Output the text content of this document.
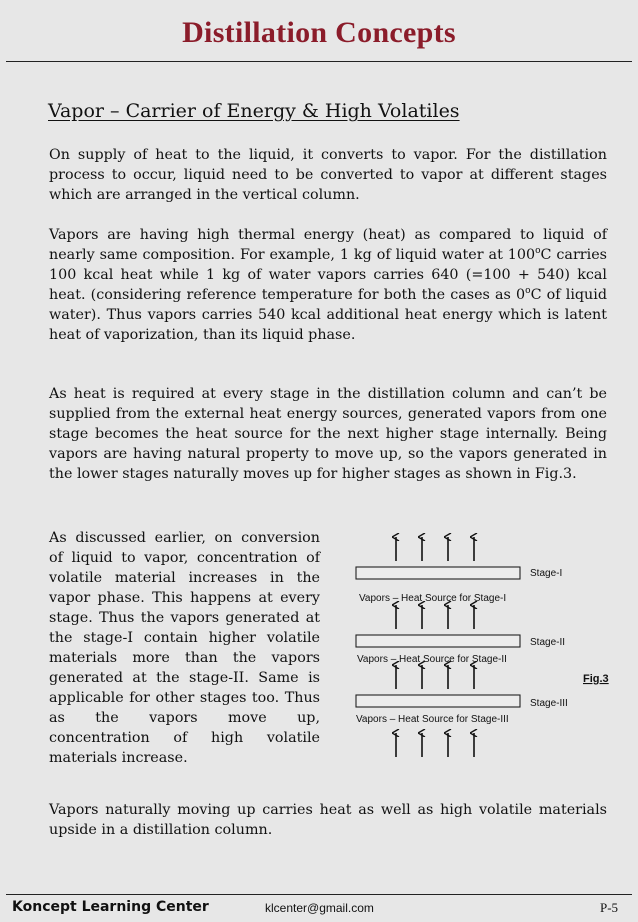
Distillation Concepts
Vapor – Carrier of Energy & High Volatiles
On supply of heat to the liquid, it converts to vapor. For the distillation process to occur, liquid need to be converted to vapor at different stages which are arranged in the vertical column.
Vapors are having high thermal energy (heat) as compared to liquid of nearly same composition. For example, 1 kg of liquid water at 100$^o$C carries 100 kcal heat while 1 kg of water vapors carries 640 (=100 + 540) kcal heat. (considering reference temperature for both the cases as 0$^o$C of liquid water). Thus vapors carries 540 kcal additional heat energy which is latent heat of vaporization, than its liquid phase.
As heat is required at every stage in the distillation column and can’t be supplied from the external heat energy sources, generated vapors from one stage becomes the heat source for the next higher stage internally. Being vapors are having natural property to move up, so the vapors generated in the lower stages naturally moves up for higher stages as shown in Fig.3.
As discussed earlier, on conversion of liquid to vapor, concentration of volatile material increases in the vapor phase. This happens at every stage. Thus the vapors generated at the stage-I contain higher volatile materials more than the vapors generated at the stage-II. Same is applicable for other stages too. Thus as the vapors move up, concentration of high volatile materials increase.
Stage-I
Stage-II
Stage-III
Vapors – Heat Source for Stage-I
Vapors – Heat Source for Stage-II
Vapors – Heat Source for Stage-III
Fig.3
Vapors naturally moving up carries heat as well as high volatile materials upside in a distillation column.
Koncept Learning Center	klcenter@gmail.com	P-5
